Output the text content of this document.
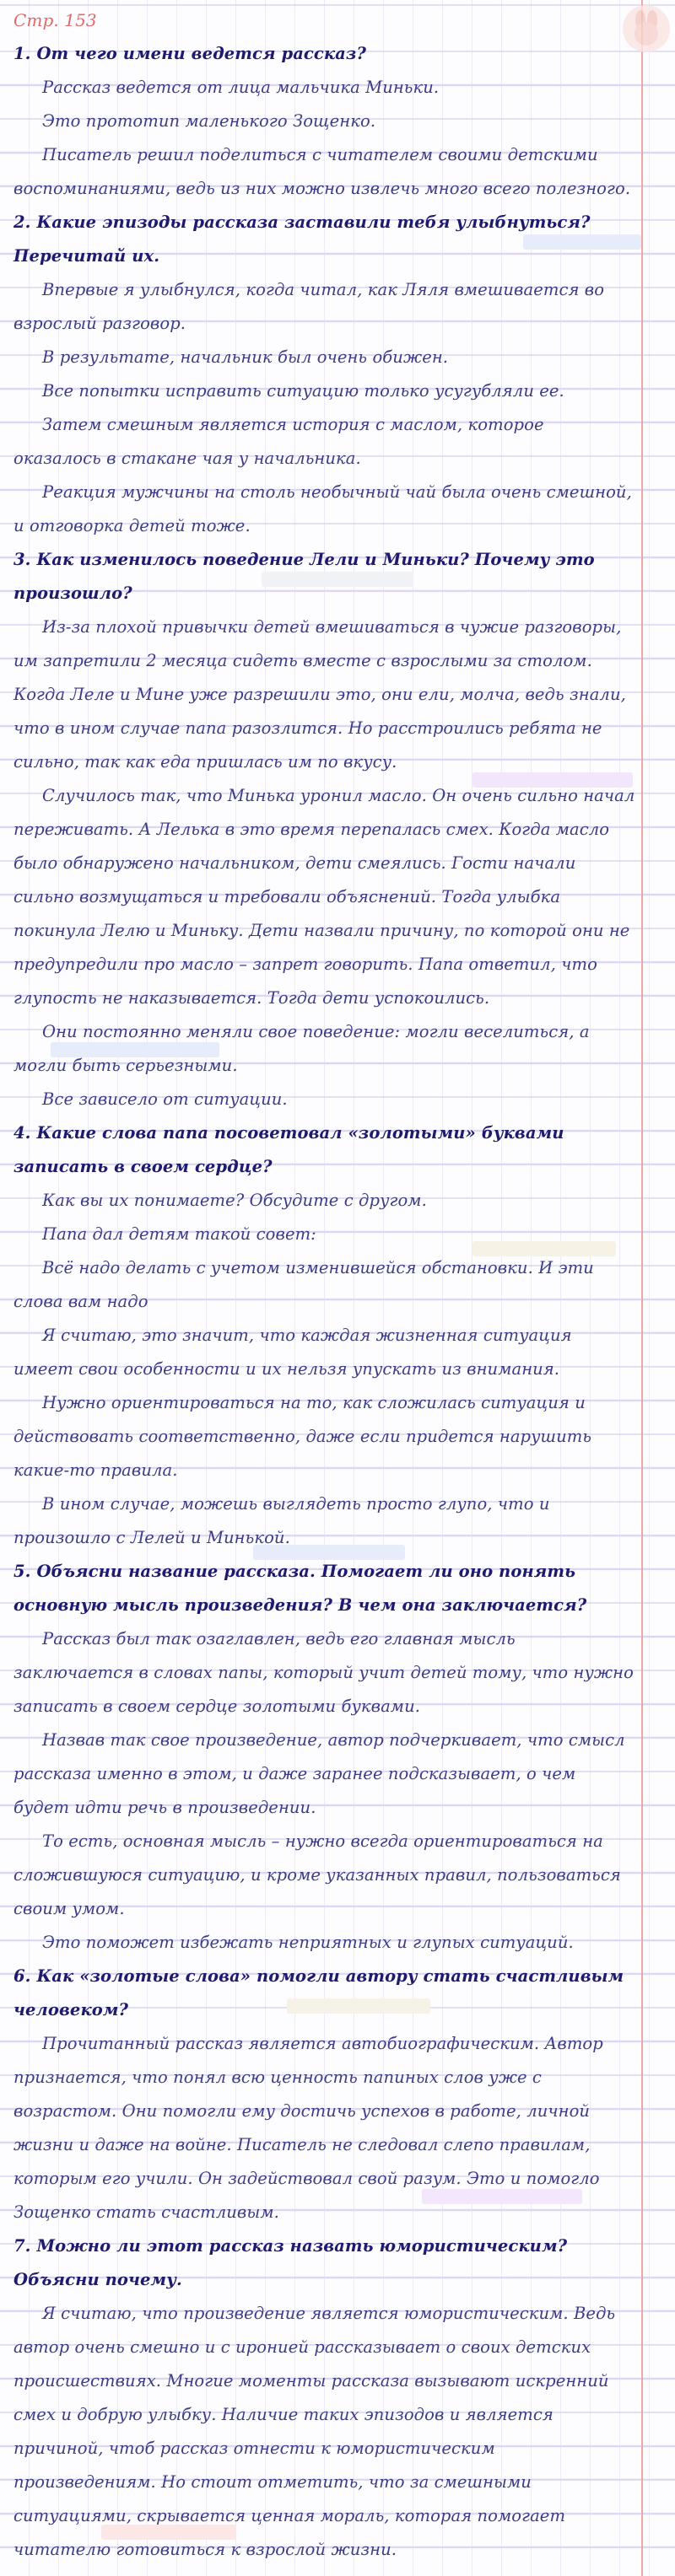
Стр. 153

1. От чего имени ведется рассказ?

Рассказ ведется от лица мальчика Миньки.

Это прототип маленького Зощенко.

Писатель решил поделиться с читателем своими детскими воспоминаниями, ведь из них можно извлечь много всего полезного.

2. Какие эпизоды рассказа заставили тебя улыбнуться? Перечитай их.

Впервые я улыбнулся, когда читал, как Ляля вмешивается во взрослый разговор.

В результате, начальник был очень обижен.

Все попытки исправить ситуацию только усугубляли ее.

Затем смешным является история с маслом, которое оказалось в стакане чая у начальника.

Реакция мужчины на столь необычный чай была очень смешной, и отговорка детей тоже.

3. Как изменилось поведение Лели и Миньки? Почему это произошло?

Из-за плохой привычки детей вмешиваться в чужие разговоры, им запретили 2 месяца сидеть вместе с взрослыми за столом. Когда Леле и Мине уже разрешили это, они ели, молча, ведь знали, что в ином случае папа разозлится. Но расстроились ребята не сильно, так как еда пришлась им по вкусу.

Случилось так, что Минька уронил масло. Он очень сильно начал переживать. А Лелька в это время перепалась смех. Когда масло было обнаружено начальником, дети смеялись. Гости начали сильно возмущаться и требовали объяснений. Тогда улыбка покинула Лелю и Миньку. Дети назвали причину, по которой они не предупредили про масло – запрет говорить. Папа ответил, что глупость не наказывается. Тогда дети успокоились.

Они постоянно меняли свое поведение: могли веселиться, а могли быть серьезными.

Все зависело от ситуации.

4. Какие слова папа посоветовал «золотыми» буквами записать в своем сердце?

Как вы их понимаете? Обсудите с другом.

Папа дал детям такой совет:

Всё надо делать с учетом изменившейся обстановки. И эти слова вам надо

Я считаю, это значит, что каждая жизненная ситуация имеет свои особенности и их нельзя упускать из внимания.

Нужно ориентироваться на то, как сложилась ситуация и действовать соответственно, даже если придется нарушить какие-то правила.

В ином случае, можешь выглядеть просто глупо, что и произошло с Лелей и Минькой.

5. Объясни название рассказа. Помогает ли оно понять основную мысль произведения? В чем она заключается?

Рассказ был так озаглавлен, ведь его главная мысль заключается в словах папы, который учит детей тому, что нужно записать в своем сердце золотыми буквами.

Назвав так свое произведение, автор подчеркивает, что смысл рассказа именно в этом, и даже заранее подсказывает, о чем будет идти речь в произведении.

То есть, основная мысль – нужно всегда ориентироваться на сложившуюся ситуацию, и кроме указанных правил, пользоваться своим умом.

Это поможет избежать неприятных и глупых ситуаций.

6. Как «золотые слова» помогли автору стать счастливым человеком?

Прочитанный рассказ является автобиографическим. Автор признается, что понял всю ценность папиных слов уже с возрастом. Они помогли ему достичь успехов в работе, личной жизни и даже на войне. Писатель не следовал слепо правилам, которым его учили. Он задействовал свой разум. Это и помогло Зощенко стать счастливым.

7. Можно ли этот рассказ назвать юмористическим? Объясни почему.

Я считаю, что произведение является юмористическим. Ведь автор очень смешно и с иронией рассказывает о своих детских происшествиях. Многие моменты рассказа вызывают искренний смех и добрую улыбку. Наличие таких эпизодов и является причиной, чтоб рассказ отнести к юмористическим произведениям. Но стоит отметить, что за смешными ситуациями, скрывается ценная мораль, которая помогает читателю готовиться к взрослой жизни.
